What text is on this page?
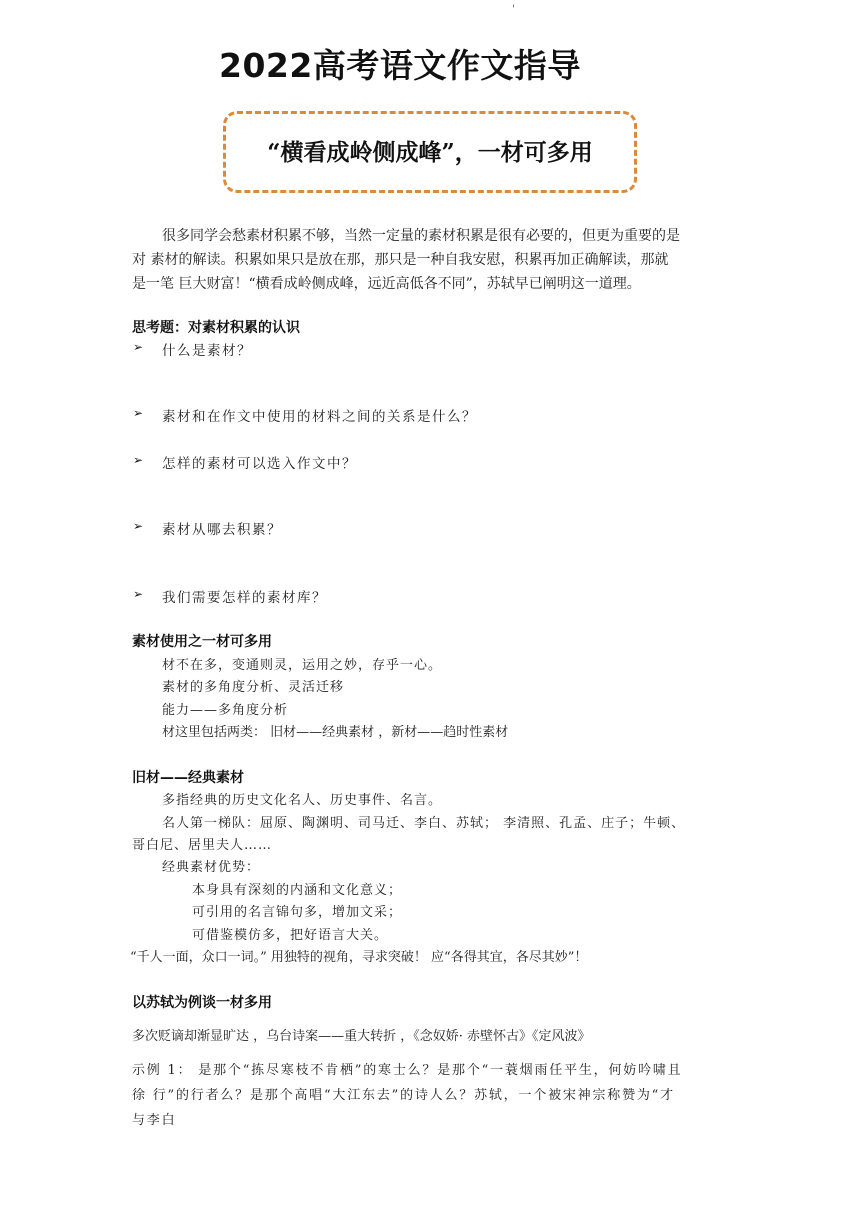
'
2022高考语文作文指导
“横看成岭侧成峰”，一材可多用
很多同学会愁素材积累不够，当然一定量的素材积累是很有必要的，但更为重要的是
对 素材的解读。积累如果只是放在那，那只是一种自我安慰，积累再加正确解读，那就
是一笔 巨大财富！“横看成岭侧成峰，远近高低各不同”，苏轼早已阐明这一道理。
思考题：对素材积累的认识
➢ 什么是素材？
➢ 素材和在作文中使用的材料之间的关系是什么？
➢ 怎样的素材可以选入作文中？
➢ 素材从哪去积累？
➢ 我们需要怎样的素材库？
素材使用之一材可多用
材不在多，变通则灵，运用之妙，存乎一心。
素材的多角度分析、灵活迁移
能力——多角度分析
材这里包括两类： 旧材——经典素材 ，新材——趋时性素材
旧材——经典素材
多指经典的历史文化名人、历史事件、名言。
名人第一梯队：屈原、陶渊明、司马迁、李白、苏轼； 李清照、孔孟、庄子；牛顿、
哥白尼、居里夫人……
经典素材优势：
本身具有深刻的内涵和文化意义；
可引用的名言锦句多，增加文采；
可借鉴模仿多，把好语言大关。
“千人一面，众口一词。” 用独特的视角，寻求突破！ 应“各得其宜，各尽其妙”！
以苏轼为例谈一材多用
多次贬谪却渐显旷达 ，乌台诗案——重大转折 ，《念奴娇· 赤壁怀古》《定风波》
示例 1： 是那个“拣尽寒枝不肯栖”的寒士么？是那个“一蓑烟雨任平生，何妨吟啸且
徐 行”的行者么？是那个高唱“大江东去”的诗人么？苏轼，一个被宋神宗称赞为“才
与李白
